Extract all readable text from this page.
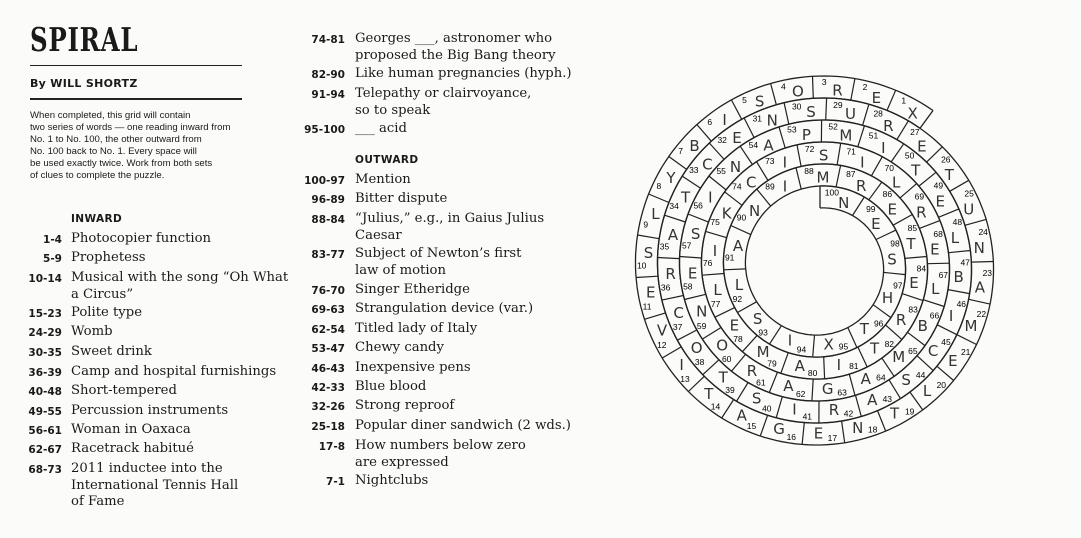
SPIRAL
By WILL SHORTZ
When completed, this grid will contain
two series of words — one reading inward from
No. 1 to No. 100, the other outward from
No. 100 back to No. 1. Every space will
be used exactly twice. Work from both sets
of clues to complete the puzzle.
INWARD
1-4 Photocopier function
5-9 Prophetess
10-14 Musical with the song “Oh What
a Circus”
15-23 Polite type
24-29 Womb
30-35 Sweet drink
36-39 Camp and hospital furnishings
40-48 Short-tempered
49-55 Percussion instruments
56-61 Woman in Oaxaca
62-67 Racetrack habitué
68-73 2011 inductee into the
International Tennis Hall
of Fame
74-81 Georges ___, astronomer who
proposed the Big Bang theory
82-90 Like human pregnancies (hyph.)
91-94 Telepathy or clairvoyance,
so to speak
95-100 ___ acid
OUTWARD
100-97 Mention
96-89 Bitter dispute
88-84 “Julius,” e.g., in Gaius Julius
Caesar
83-77 Subject of Newton’s first
law of motion
76-70 Singer Etheridge
69-63 Strangulation device (var.)
62-54 Titled lady of Italy
53-47 Chewy candy
46-43 Inexpensive pens
42-33 Blue blood
32-26 Strong reproof
25-18 Popular diner sandwich (2 wds.)
17-8 How numbers below zero
are expressed
7-1 Nightclubs
100
N 99
E
98
S
97
H
96
T
95
X
94
I
93
S
92
L
91
A
90 N
89 I
88 M 87
R 86
E
85
T
84
E
83
R
82
T
81
I
80
A
79
M
78
E
77
L
76
I
75 K
74 C
73 I
72 S 71
I 70
L
69
R
68
E
67
L
66
B
65
M
64
A
63
G
62
A
61
R
60
O
59
N
58
E
57
S
56 I
55 N
54 A
53 P 52
M 51
I 50
T
49
E
48
L
47
B
46
I
45
C
44
S
43
A
42
R
41
I
40
S
39
T
38
O
37
C
36
R
35
A
34 T
33 C
32 E
31 N
30 S 29
U 28
R 27
E
26
T
25
U
24
N
23
A
22
M
21
E
20
L
19
T
18
N
17
E
16
G
15
A
14
T
13
I
12
V
11
E
10
S
9
L
8 Y
7 B
6 I
5 S
4 O
3 R 2
E 1
X
